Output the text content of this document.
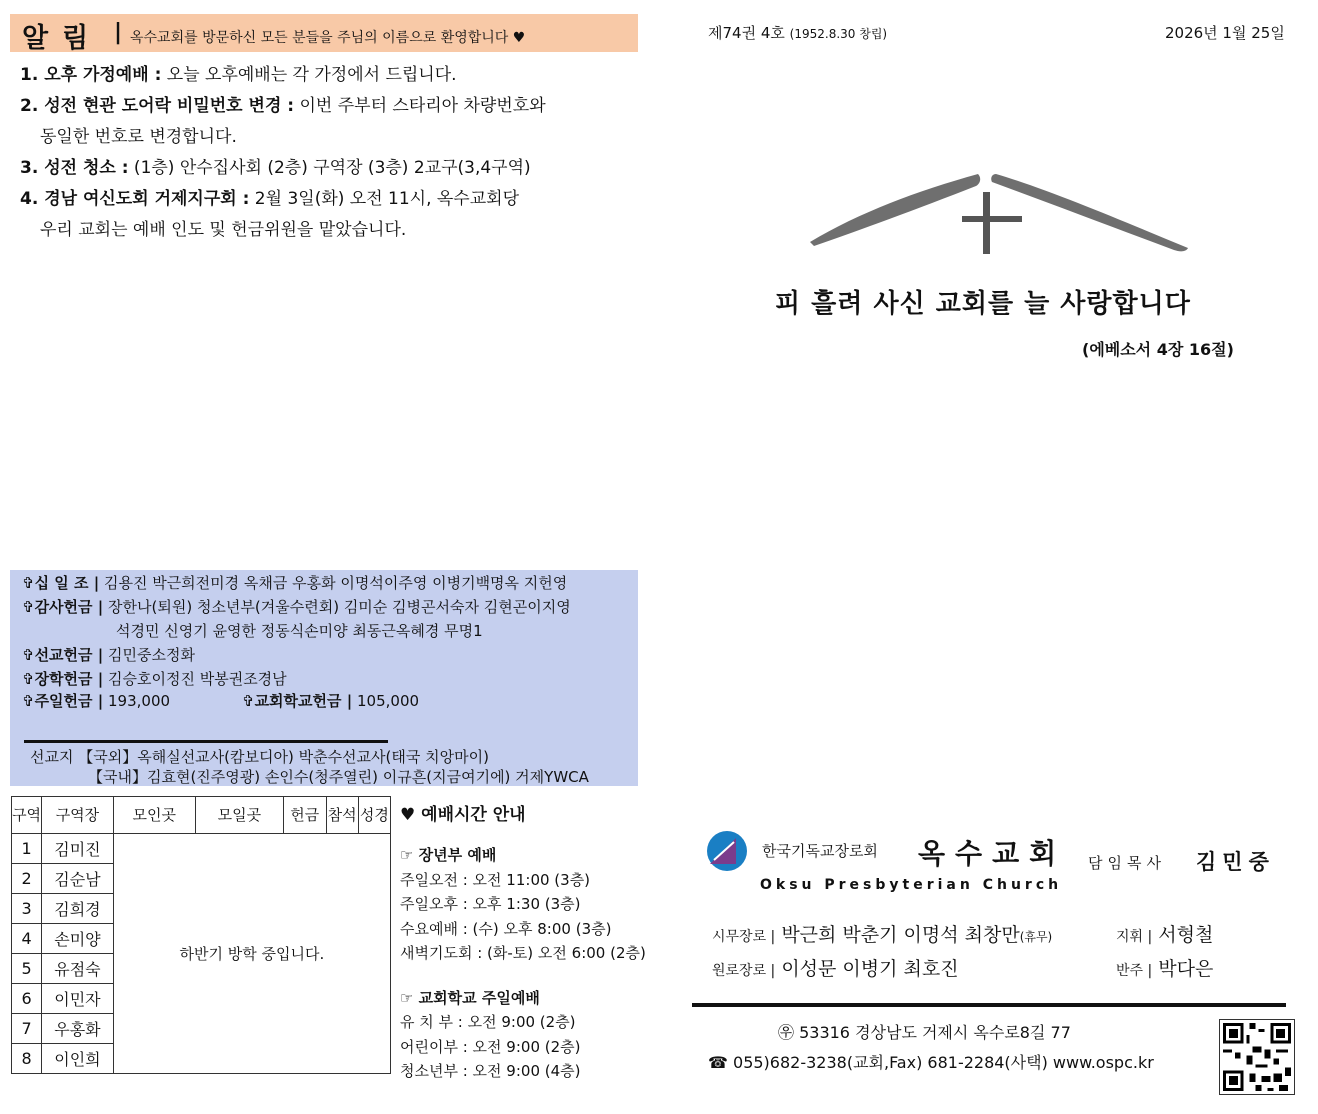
알림 | 옥수교회를 방문하신 모든 분들을 주님의 이름으로 환영합니다 ♥
1. 오후 가정예배 : 오늘 오후예배는 각 가정에서 드립니다.
2. 성전 현관 도어락 비밀번호 변경 : 이번 주부터 스타리아 차량번호와
동일한 번호로 변경합니다.
3. 성전 청소 : (1층) 안수집사회 (2층) 구역장 (3층) 2교구(3,4구역)
4. 경남 여신도회 거제지구회 : 2월 3일(화) 오전 11시, 옥수교회당
우리 교회는 예배 인도 및 헌금위원을 맡았습니다.
✞십 일 조 | 김용진 박근희전미경 옥채금 우홍화 이명석이주영 이병기백명옥 지헌영
✞감사헌금 | 장한나(퇴원) 청소년부(겨울수련회) 김미순 김병곤서숙자 김현곤이지영
석경민 신영기 윤영한 정동식손미양 최동근옥혜경 무명1
✞선교헌금 | 김민중소정화
✞장학헌금 | 김승호이정진 박봉권조경남
✞주일헌금 | 193,000	✞교회학교헌금 | 105,000
선교지 【국외】옥해실선교사(캄보디아) 박춘수선교사(태국 치앙마이)
【국내】김효현(진주영광) 손인수(청주열린) 이규흔(지금여기에) 거제YWCA
구역	구역장	모인곳	모일곳	헌금	참석	성경
1	김미진	하반기 방학 중입니다.				
2	김순남					
3	김희경					
4	손미양					
5	유점숙					
6	이민자					
7	우홍화					
8	이인희					
♥ 예배시간 안내
☞ 장년부 예배
주일오전 : 오전 11:00 (3층)
주일오후 : 오후 1:30 (3층)
수요예배 : (수) 오후 8:00 (3층)
새벽기도회 : (화-토) 오전 6:00 (2층)
☞ 교회학교 주일예배
유 치 부 : 오전 9:00 (2층)
어린이부 : 오전 9:00 (2층)
청소년부 : 오전 9:00 (4층)
제74권 4호 (1952.8.30 창립)	2026년 1월 25일
피 흘려 사신 교회를 늘 사랑합니다
(에베소서 4장 16절)
한국기독교장로회 옥수교회 담임목사 김민중
Oksu Presbyterian Church
시무장로 | 박근희 박춘기 이명석 최창만(휴무)
원로장로 | 이성문 이병기 최호진
지휘 | 서형철
반주 | 박다은
㉾ 53316 경상남도 거제시 옥수로8길 77
☎ 055)682-3238(교회,Fax) 681-2284(사택) www.ospc.kr
